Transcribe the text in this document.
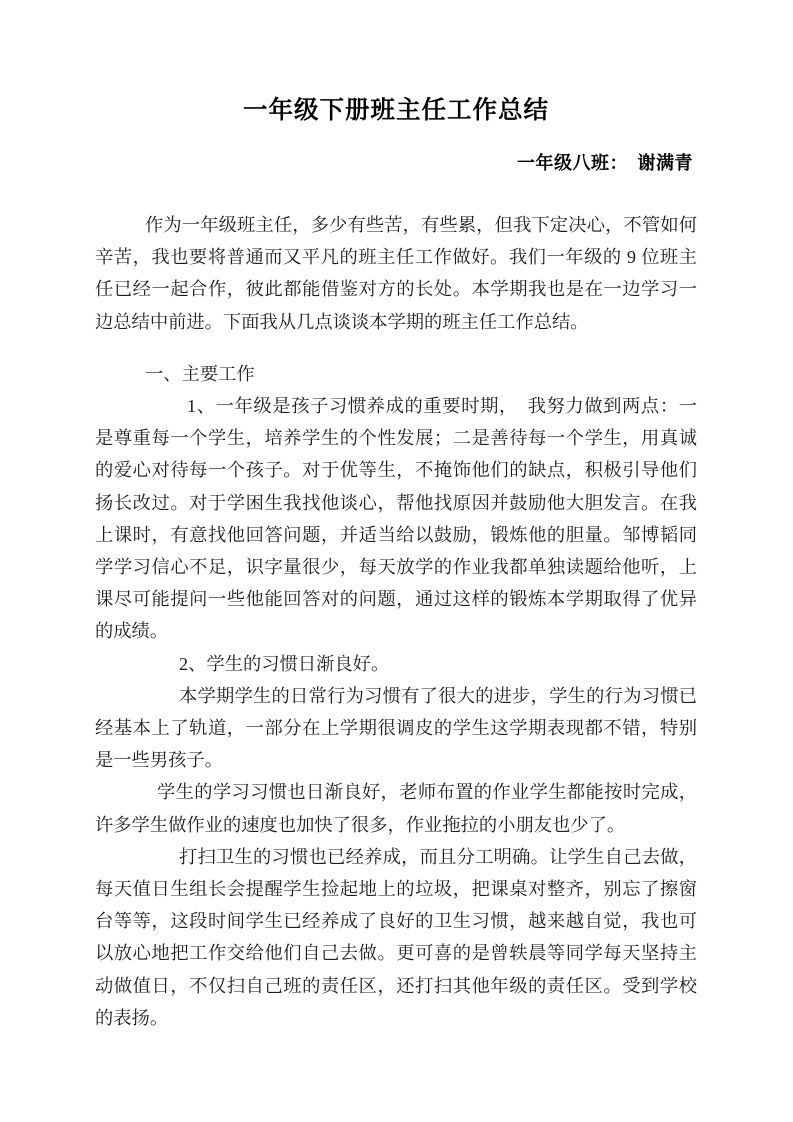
一年级下册班主任工作总结
一年级八班：　谢满青

作为一年级班主任，多少有些苦，有些累，但我下定决心，不管如何辛苦，我也要将普通而又平凡的班主任工作做好。我们一年级的 9 位班主任已经一起合作，彼此都能借鉴对方的长处。本学期我也是在一边学习一边总结中前进。下面我从几点谈谈本学期的班主任工作总结。

一、主要工作

1、一年级是孩子习惯养成的重要时期，　我努力做到两点：一是尊重每一个学生，培养学生的个性发展；二是善待每一个学生，用真诚的爱心对待每一个孩子。对于优等生，不掩饰他们的缺点，积极引导他们扬长改过。对于学困生我找他谈心，帮他找原因并鼓励他大胆发言。在我上课时，有意找他回答问题，并适当给以鼓励，锻炼他的胆量。邹博韬同学学习信心不足，识字量很少，每天放学的作业我都单独读题给他听，上课尽可能提问一些他能回答对的问题，通过这样的锻炼本学期取得了优异的成绩。

2、学生的习惯日渐良好。

本学期学生的日常行为习惯有了很大的进步，学生的行为习惯已经基本上了轨道，一部分在上学期很调皮的学生这学期表现都不错，特别是一些男孩子。

学生的学习习惯也日渐良好，老师布置的作业学生都能按时完成，许多学生做作业的速度也加快了很多，作业拖拉的小朋友也少了。

打扫卫生的习惯也已经养成，而且分工明确。让学生自己去做，每天值日生组长会提醒学生捡起地上的垃圾，把课桌对整齐，别忘了擦窗台等等，这段时间学生已经养成了良好的卫生习惯，越来越自觉，我也可以放心地把工作交给他们自己去做。更可喜的是曾轶晨等同学每天坚持主动做值日，不仅扫自己班的责任区，还打扫其他年级的责任区。受到学校的表扬。
